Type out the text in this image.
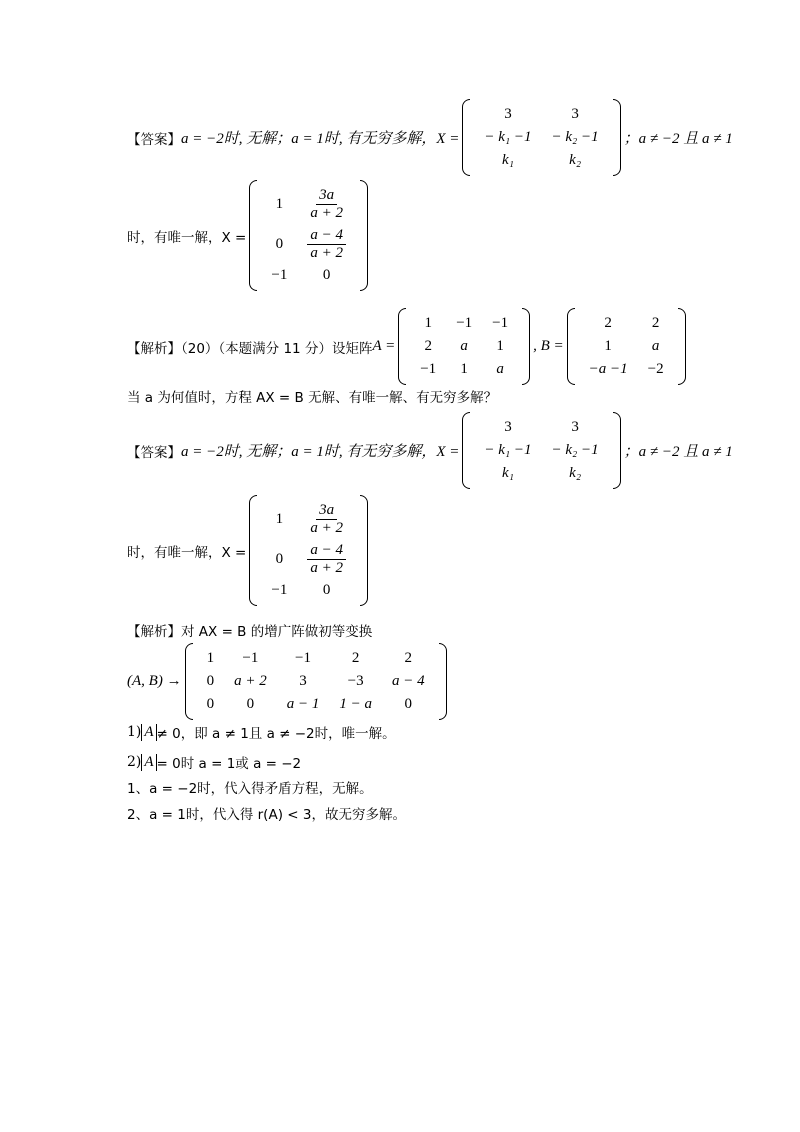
【答案】 a = −2时, 无解；a = 1时, 有无穷多解，X =
3	3
− k₁ −1	− k₂ −1
k₁	k₂
；a ≠ −2 且 a ≠ 1
时，有唯一解，X =
1	$\frac{3a}{a + 2}$

0	$\frac{a - 4}{a + 2}$

−1	0
【解析】（20）（本题满分 11 分）设矩阵 A =
1	−1	−1
2	a	1
−1	1	a
, B =
2	2
1	a
−a −1	−2
当 a 为何值时，方程 AX = B 无解、有唯一解、有无穷多解？
【答案】 a = −2时, 无解；a = 1时, 有无穷多解，X =
3	3
− k₁ −1	− k₂ −1
k₁	k₂
；a ≠ −2 且 a ≠ 1
时，有唯一解，X =
1	$\frac{3a}{a + 2}$

0	$\frac{a - 4}{a + 2}$

−1	0
【解析】对 AX = B 的增广阵做初等变换
(A, B) →
1	−1	−1	2	2
0	a + 2	3	−3	a − 4
0	0	a − 1	1 − a	0
1) A ≠ 0，即 a ≠ 1且 a ≠ −2时，唯一解。
2) A = 0时 a = 1或 a = −2
1、a = −2时，代入得矛盾方程，无解。
2、a = 1时，代入得 r(A) < 3，故无穷多解。
